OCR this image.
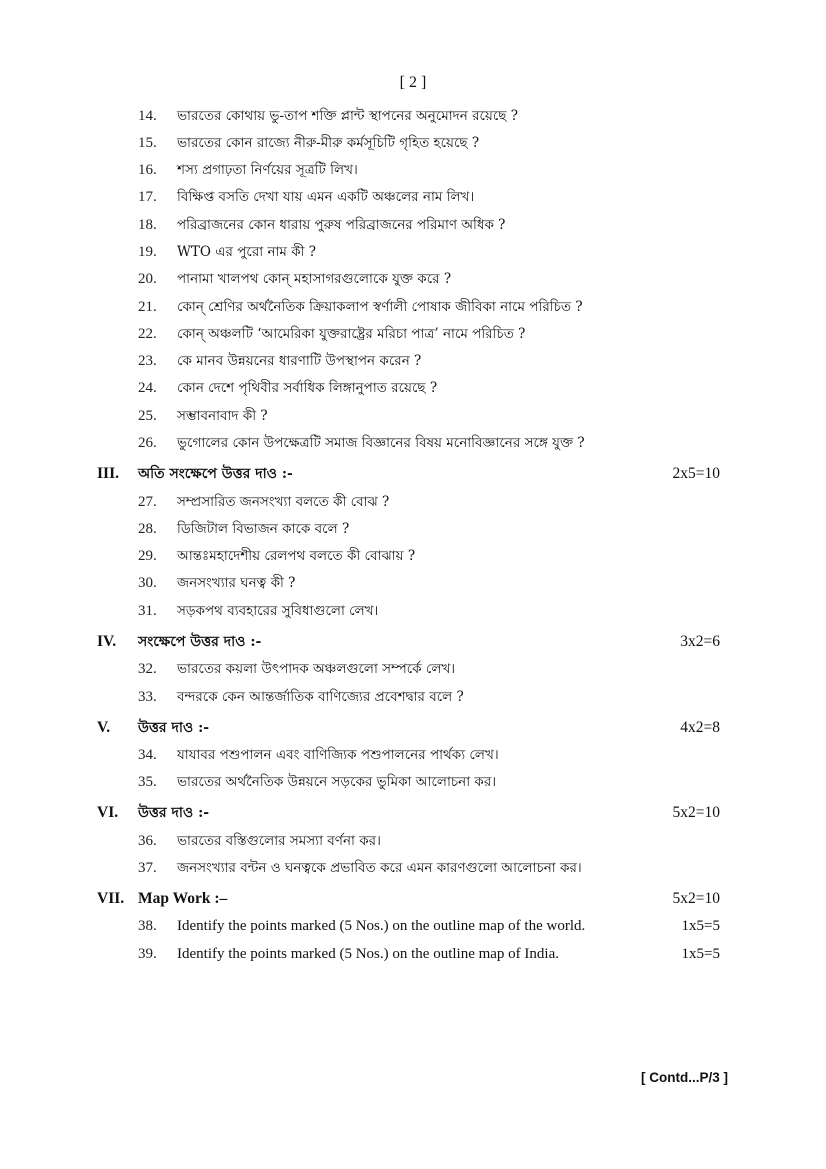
[ 2 ]
14.	ভারতের কোথায় ভু-তাপ শক্তি প্লান্ট স্থাপনের অনুমোদন রয়েছে ?
15.	ভারতের কোন রাজ্যে নীরু-মীরু কর্মসূচিটি গৃহিত হয়েছে ?
16.	শস্য প্রগাঢ়তা নির্ণয়ের সূত্রটি লিখ।
17.	বিক্ষিপ্ত বসতি দেখা যায় এমন একটি অঞ্চলের নাম লিখ।
18.	পরিব্রাজনের কোন ধারায় পুরুষ পরিব্রাজনের পরিমাণ অধিক ?
19.	WTO এর পুরো নাম কী ?
20.	পানামা খালপথ কোন্ মহাসাগরগুলোকে যুক্ত করে ?
21.	কোন্ শ্রেণির অর্থনৈতিক ক্রিয়াকলাপ স্বর্ণালী পোষাক জীবিকা নামে পরিচিত ?
22.	কোন্ অঞ্চলটি ‘আমেরিকা যুক্তরাষ্ট্রের মরিচা পাত্র’ নামে পরিচিত ?
23.	কে মানব উন্নয়নের ধারণাটি উপস্থাপন করেন ?
24.	কোন দেশে পৃথিবীর সর্বাধিক লিঙ্গানুপাত রয়েছে ?
25.	সম্ভাবনাবাদ কী ?
26.	ভুগোলের কোন উপক্ষেত্রটি সমাজ বিজ্ঞানের বিষয় মনোবিজ্ঞানের সঙ্গে যুক্ত ?
III. অতি সংক্ষেপে উত্তর দাও :-	2x5=10
27.	সম্প্রসারিত জনসংখ্যা বলতে কী বোঝ ?
28.	ডিজিটাল বিভাজন কাকে বলে ?
29.	আন্তঃমহাদেশীয় রেলপথ বলতে কী বোঝায় ?
30.	জনসংখ্যার ঘনত্ব কী ?
31.	সড়কপথ ব্যবহারের সুবিধাগুলো লেখ।
IV. সংক্ষেপে উত্তর দাও :-	3x2=6
32.	ভারতের কয়লা উৎপাদক অঞ্চলগুলো সম্পর্কে লেখ।
33.	বন্দরকে কেন আন্তর্জাতিক বাণিজ্যের প্রবেশদ্বার বলে ?
V. উত্তর দাও :-	4x2=8
34.	যাযাবর পশুপালন এবং বাণিজ্যিক পশুপালনের পার্থক্য লেখ।
35.	ভারতের অর্থনৈতিক উন্নয়নে সড়কের ভুমিকা আলোচনা কর।
VI. উত্তর দাও :-	5x2=10
36.	ভারতের বস্তিগুলোর সমস্যা বর্ণনা কর।
37.	জনসংখ্যার বন্টন ও ঘনত্বকে প্রভাবিত করে এমন কারণগুলো আলোচনা কর।
VII. Map Work :–	5x2=10
38.	Identify the points marked (5 Nos.) on the outline map of the world.	1x5=5
39.	Identify the points marked (5 Nos.) on the outline map of India.	1x5=5
[ Contd...P/3 ]
